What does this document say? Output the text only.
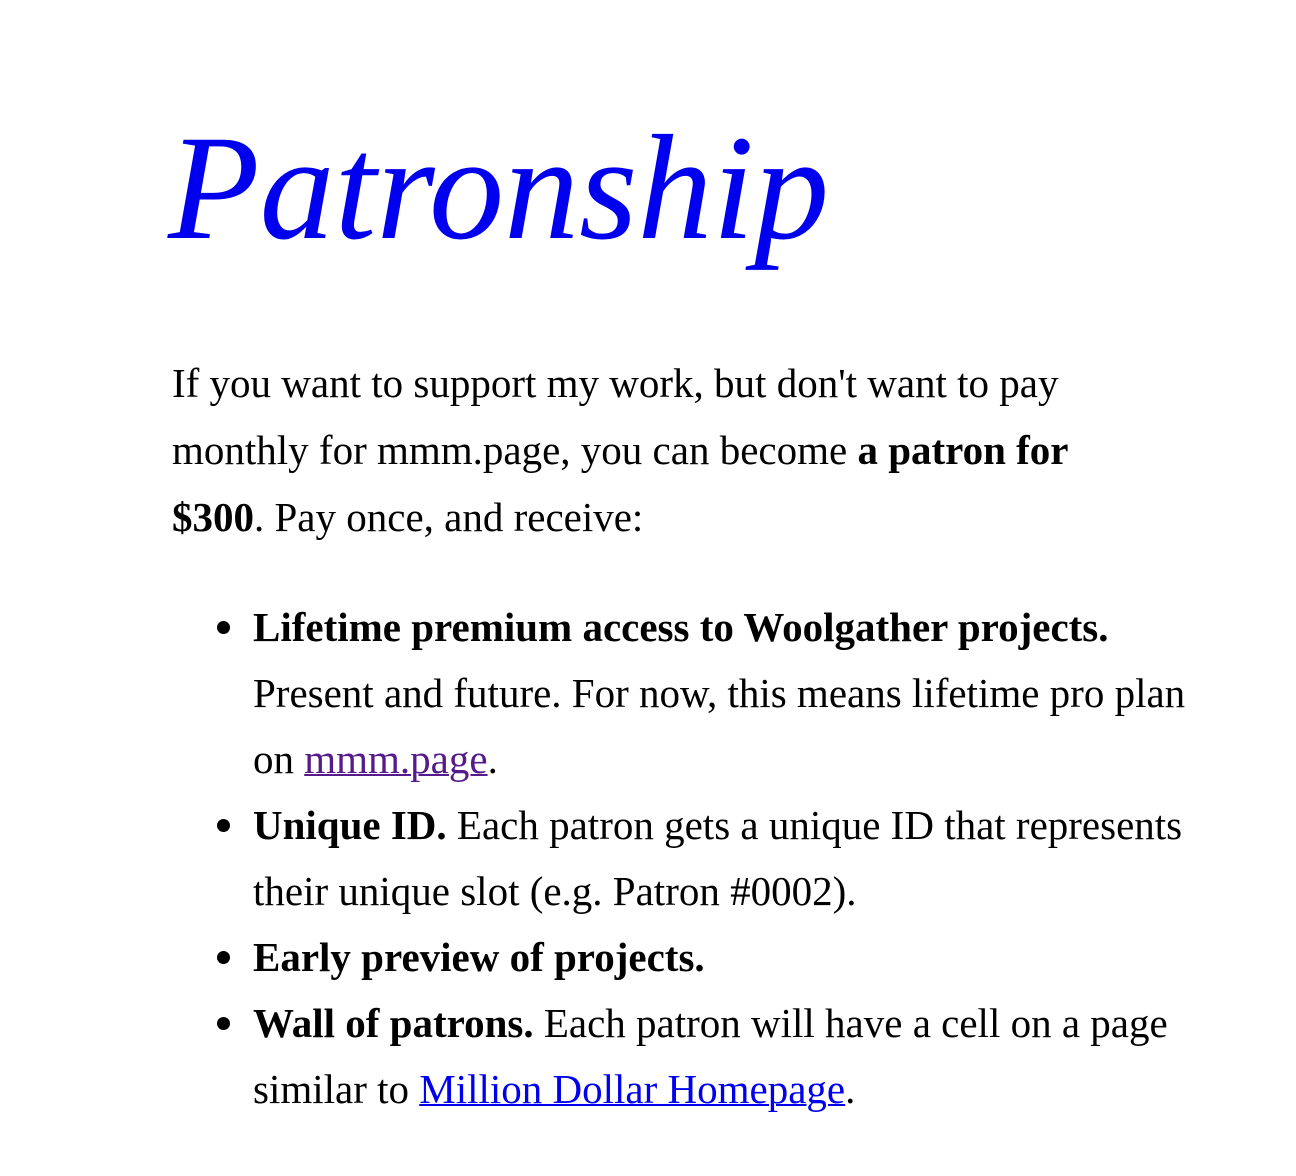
Patronship

If you want to support my work, but don't want to pay monthly for mmm.page, you can become a patron for $300. Pay once, and receive:

Lifetime premium access to Woolgather projects. Present and future. For now, this means lifetime pro plan on mmm.page.
Unique ID. Each patron gets a unique ID that represents their unique slot (e.g. Patron #0002).
Early preview of projects.
Wall of patrons. Each patron will have a cell on a page similar to Million Dollar Homepage.
